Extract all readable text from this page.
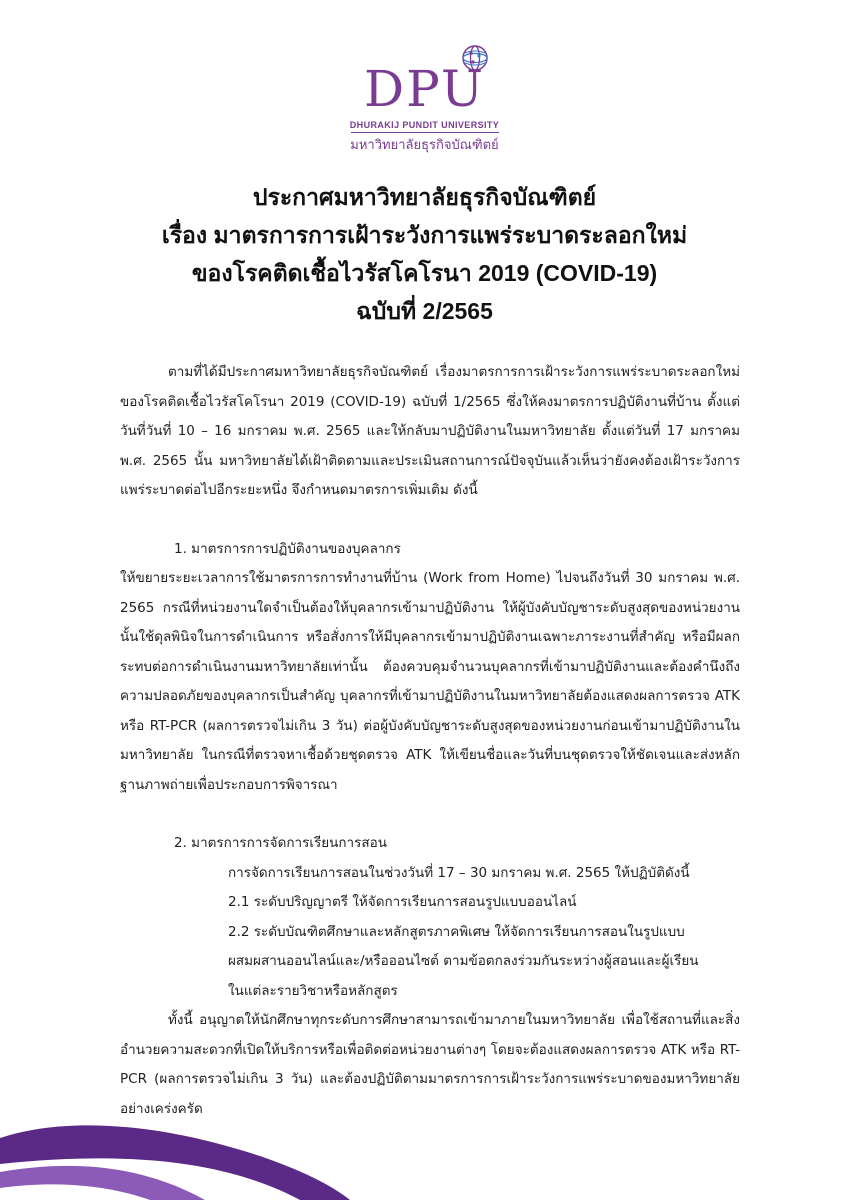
DPU
DHURAKIJ PUNDIT UNIVERSITY
มหาวิทยาลัยธุรกิจบัณฑิตย์
ประกาศมหาวิทยาลัยธุรกิจบัณฑิตย์
เรื่อง มาตรการการเฝ้าระวังการแพร่ระบาดระลอกใหม่
ของโรคติดเชื้อไวรัสโคโรนา 2019 (COVID-19)
ฉบับที่ 2/2565

ตามที่ได้มีประกาศมหาวิทยาลัยธุรกิจบัณฑิตย์ เรื่องมาตรการการเฝ้าระวังการแพร่ระบาดระลอกใหม่ของโรคติดเชื้อไวรัสโคโรนา 2019 (COVID-19) ฉบับที่ 1/2565 ซึ่งให้คงมาตรการปฏิบัติงานที่บ้าน ตั้งแต่วันที่วันที่ 10 – 16 มกราคม พ.ศ. 2565 และให้กลับมาปฏิบัติงานในมหาวิทยาลัย ตั้งแต่วันที่ 17 มกราคม พ.ศ. 2565 นั้น มหาวิทยาลัยได้เฝ้าติดตามและประเมินสถานการณ์ปัจจุบันแล้วเห็นว่ายังคงต้องเฝ้าระวังการแพร่ระบาดต่อไปอีกระยะหนึ่ง จึงกำหนดมาตรการเพิ่มเติม ดังนี้

1. มาตรการการปฏิบัติงานของบุคลากร

ให้ขยายระยะเวลาการใช้มาตรการการทำงานที่บ้าน (Work from Home) ไปจนถึงวันที่ 30 มกราคม พ.ศ. 2565 กรณีที่หน่วยงานใดจำเป็นต้องให้บุคลากรเข้ามาปฏิบัติงาน ให้ผู้บังคับบัญชาระดับสูงสุดของหน่วยงานนั้นใช้ดุลพินิจในการดำเนินการ หรือสั่งการให้มีบุคลากรเข้ามาปฏิบัติงานเฉพาะภาระงานที่สำคัญ หรือมีผลกระทบต่อการดำเนินงานมหาวิทยาลัยเท่านั้น ต้องควบคุมจำนวนบุคลากรที่เข้ามาปฏิบัติงานและต้องคำนึงถึงความปลอดภัยของบุคลากรเป็นสำคัญ บุคลากรที่เข้ามาปฏิบัติงานในมหาวิทยาลัยต้องแสดงผลการตรวจ ATK หรือ RT-PCR (ผลการตรวจไม่เกิน 3 วัน) ต่อผู้บังคับบัญชาระดับสูงสุดของหน่วยงานก่อนเข้ามาปฏิบัติงานในมหาวิทยาลัย ในกรณีที่ตรวจหาเชื้อด้วยชุดตรวจ ATK ให้เขียนชื่อและวันที่บนชุดตรวจให้ชัดเจนและส่งหลักฐานภาพถ่ายเพื่อประกอบการพิจารณา

2. มาตรการการจัดการเรียนการสอน
การจัดการเรียนการสอนในช่วงวันที่ 17 – 30 มกราคม พ.ศ. 2565 ให้ปฏิบัติดังนี้
2.1 ระดับปริญญาตรี ให้จัดการเรียนการสอนรูปแบบออนไลน์
2.2 ระดับบัณฑิตศึกษาและหลักสูตรภาคพิเศษ ให้จัดการเรียนการสอนในรูปแบบ
ผสมผสานออนไลน์และ/หรือออนไซต์ ตามข้อตกลงร่วมกันระหว่างผู้สอนและผู้เรียน
ในแต่ละรายวิชาหรือหลักสูตร

ทั้งนี้ อนุญาตให้นักศึกษาทุกระดับการศึกษาสามารถเข้ามาภายในมหาวิทยาลัย เพื่อใช้สถานที่และสิ่งอำนวยความสะดวกที่เปิดให้บริการหรือเพื่อติดต่อหน่วยงานต่างๆ โดยจะต้องแสดงผลการตรวจ ATK หรือ RT-PCR (ผลการตรวจไม่เกิน 3 วัน) และต้องปฏิบัติตามมาตรการการเฝ้าระวังการแพร่ระบาดของมหาวิทยาลัยอย่างเคร่งครัด
